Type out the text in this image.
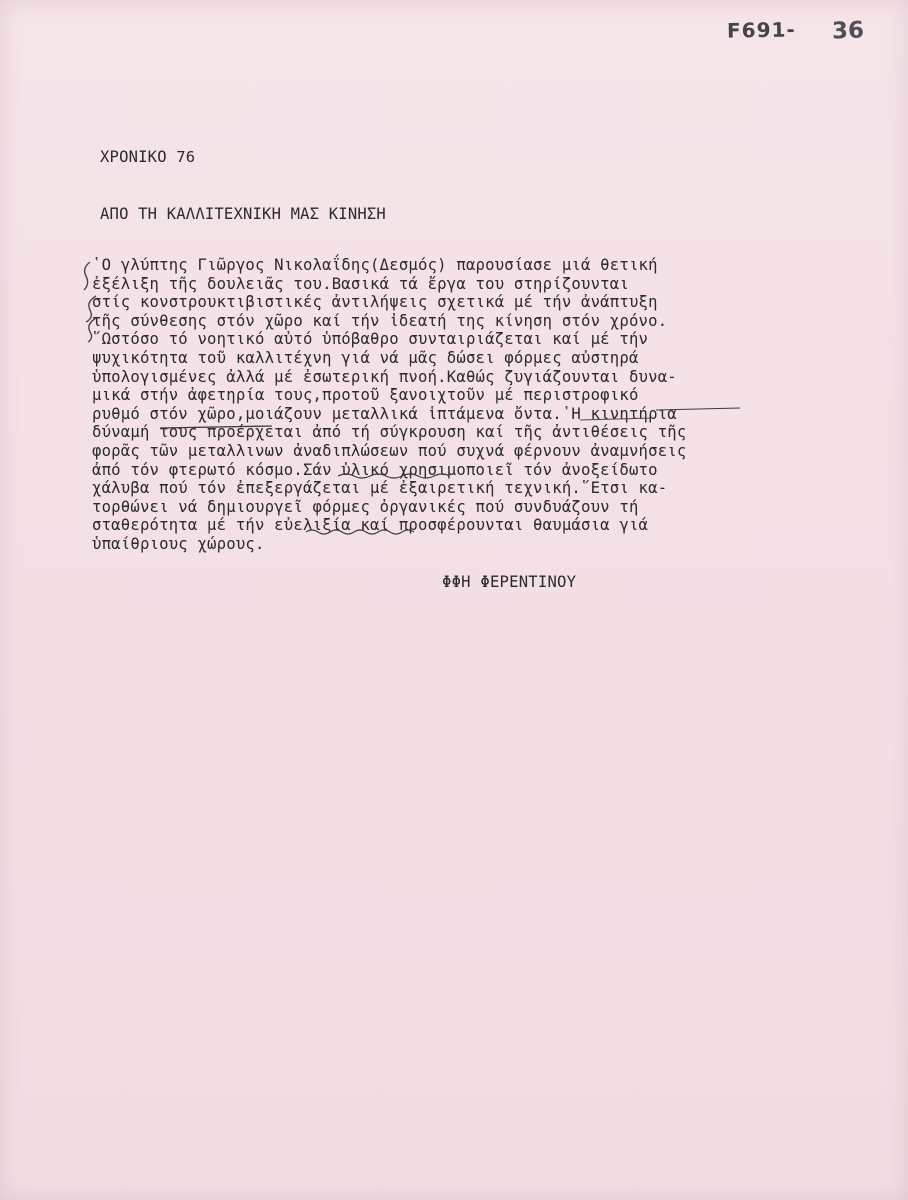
F691- 36
ΧΡΟΝΙΚΟ 76
ΑΠΟ ΤΗ ΚΑΛΛΙΤΕΧΝΙΚΗ ΜΑΣ ΚΙΝΗΣΗ
῾Ο γλύπτης Γιῶργος Νικολαΐδης(Δεσμός) παρουσίασε μιά θετική
ἐξέλιξη τῆς δουλειᾶς του.Βασικά τά ἔργα του στηρίζουνται
στίς κονστρουκτιβιστικές ἀντιλήψεις σχετικά μέ τήν ἀνάπτυξη
τῆς σύνθεσης στόν χῶρο καί τήν ἰδεατή της κίνηση στόν χρόνο.
῞Ωστόσο τό νοητικό αὐτό ὑπόβαθρο συνταιριάζεται καί μέ τήν
ψυχικότητα τοῦ καλλιτέχνη γιά νά μᾶς δώσει φόρμες αὐστηρά
ὑπολογισμένες ἀλλά μέ ἐσωτερική πνοή.Καθώς ζυγιάζουνται δυνα-
μικά στήν ἀφετηρία τους,προτοῦ ξανοιχτοῦν μέ περιστροφικό
ρυθμό στόν χῶρο,μοιάζουν μεταλλικά ἱπτάμενα ὄντα.῾Η κινητήρια
δύναμή τους προέρχεται ἀπό τή σύγκρουση καί τῆς ἀντιθέσεις τῆς
φορᾶς τῶν μεταλλινων ἀναδιπλώσεων πού συχνά φέρνουν ἀναμνήσεις
ἀπό τόν φτερωτό κόσμο.Σάν ὑλικό χρησιμοποιεῖ τόν ἀνοξείδωτο
χάλυβα πού τόν ἐπεξεργάζεται μέ ἐξαιρετική τεχνική.῞Ετσι κα-
τορθώνει νά δημιουργεῖ φόρμες ὀργανικές πού συνδυάζουν τή
σταθερότητα μέ τήν εὐελιξία καί προσφέρουνται θαυμάσια γιά
ὑπαίθριους χώρους.
ΦΦΗ ΦΕΡΕΝΤΙΝΟΥ
